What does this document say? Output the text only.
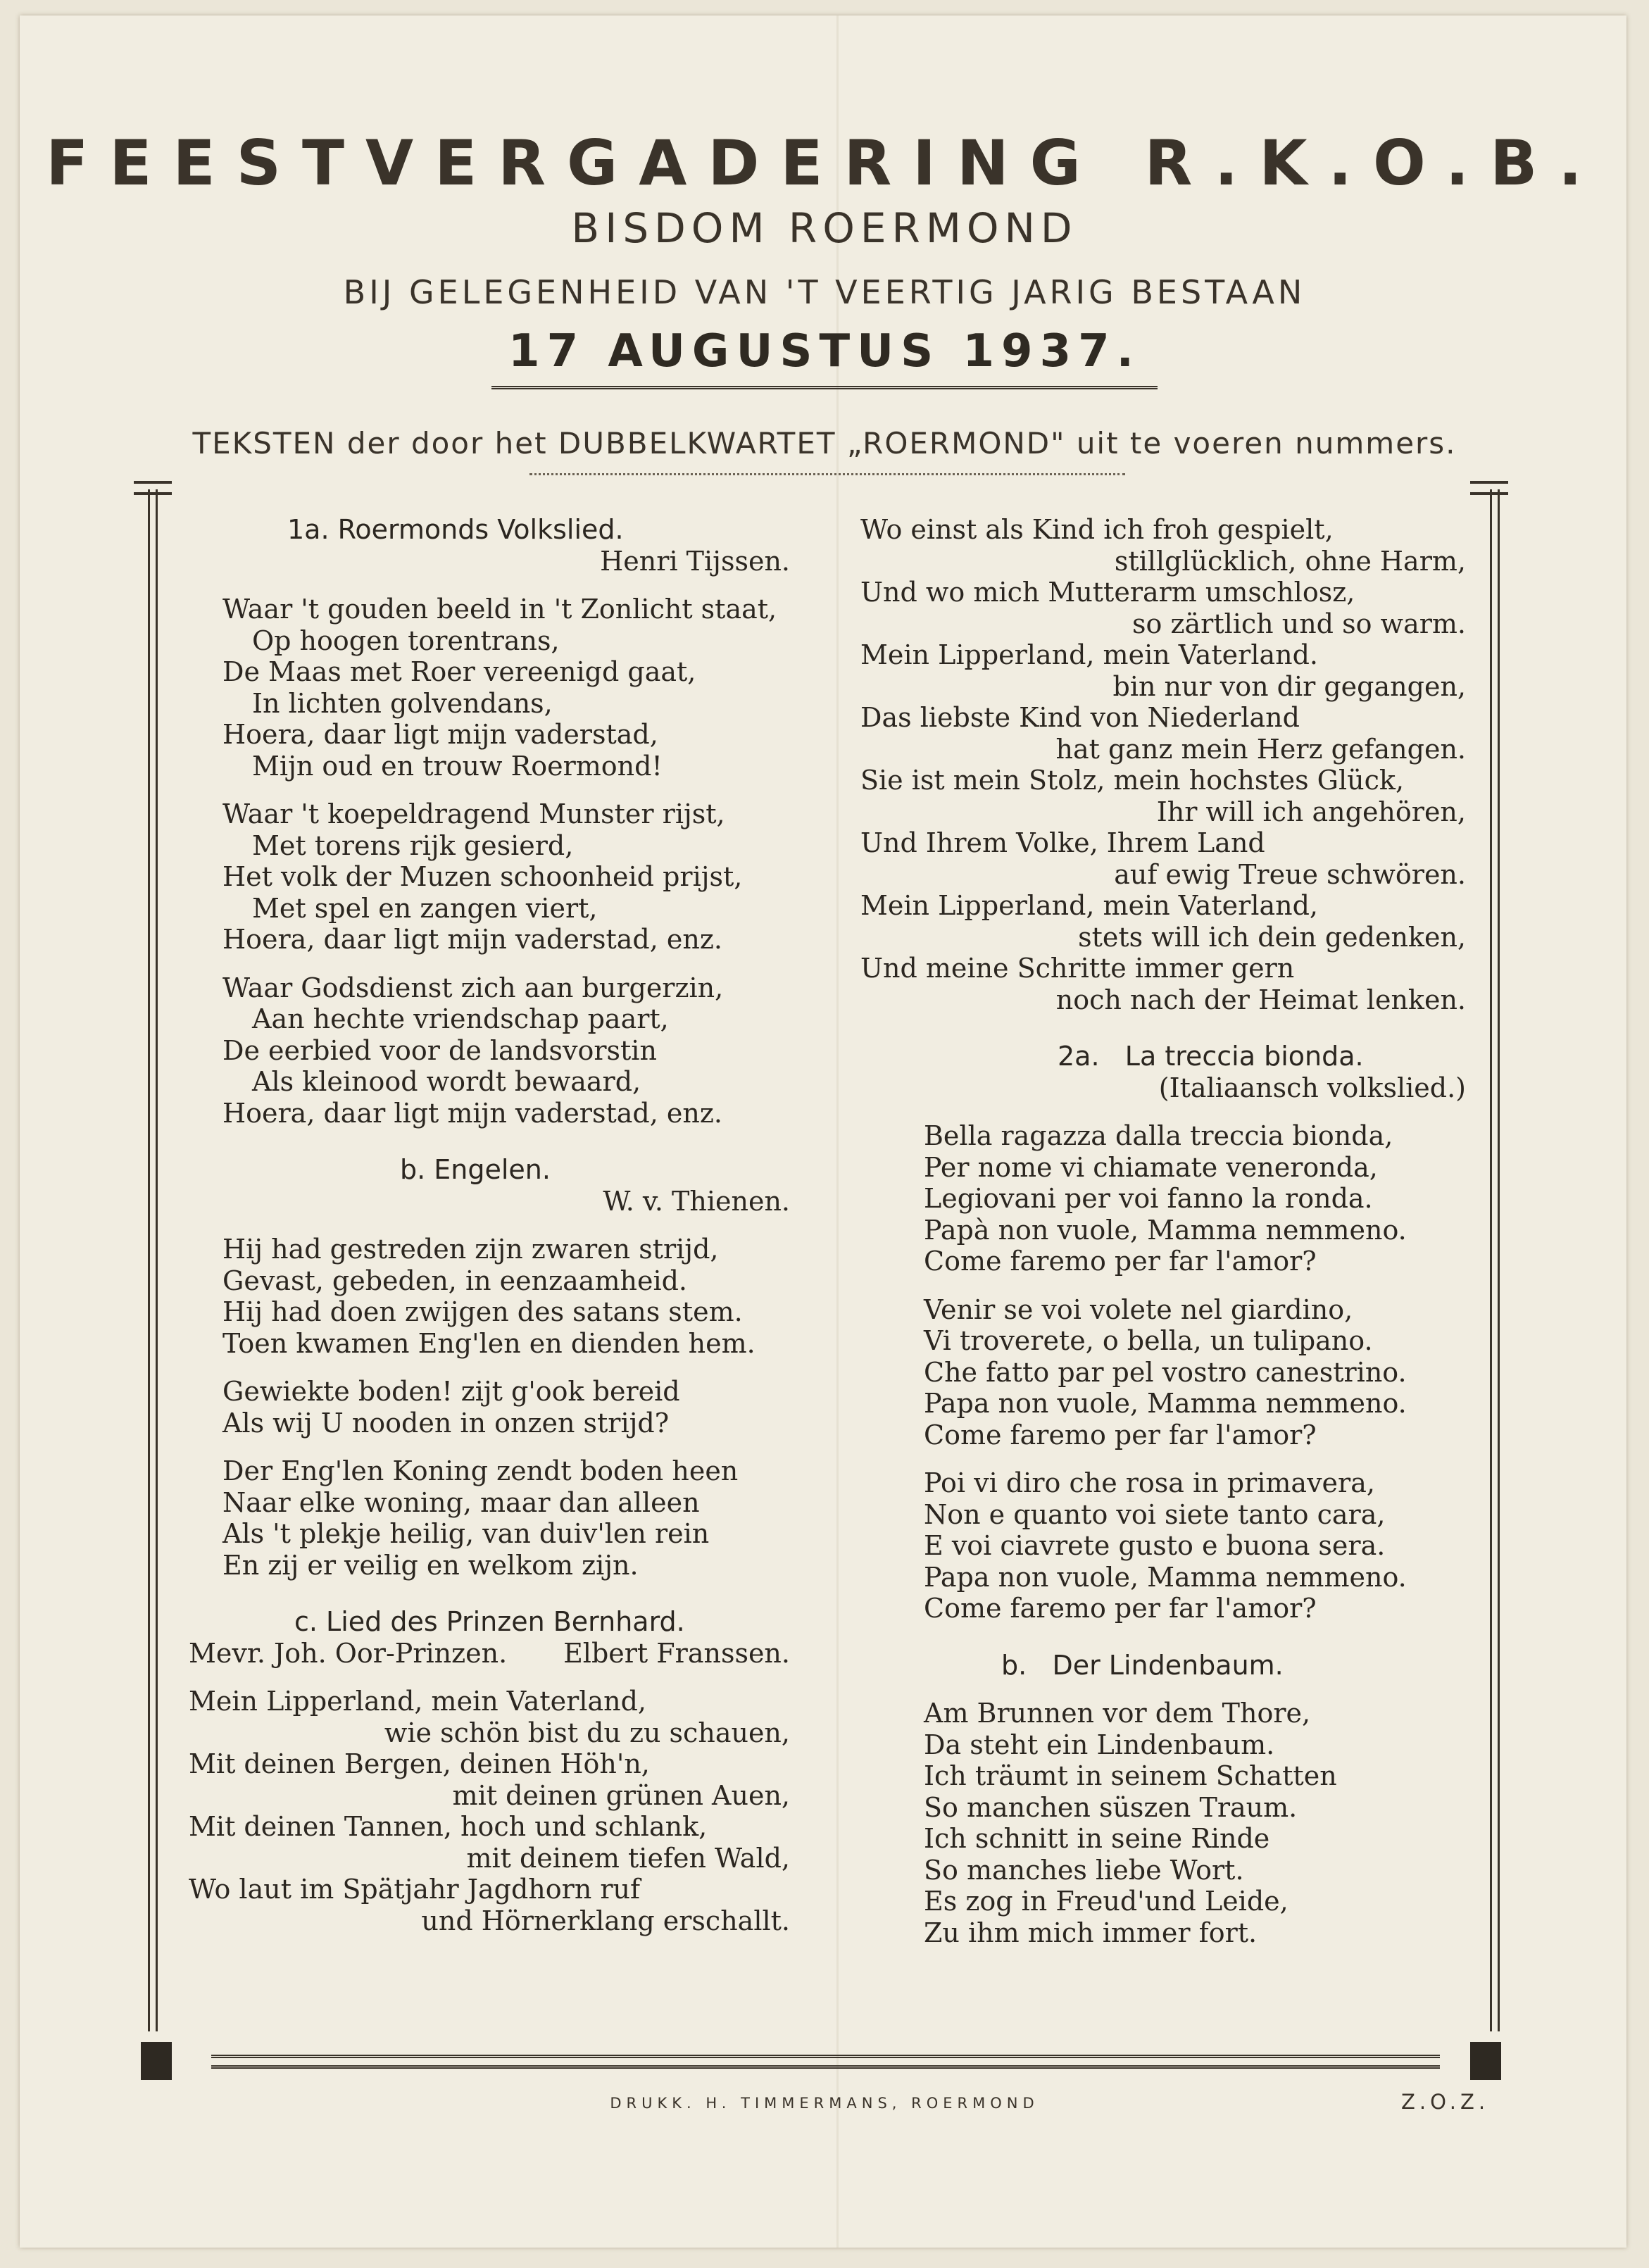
FEESTVERGADERING R.K.O.B.
BISDOM ROERMOND
BIJ GELEGENHEID VAN 'T VEERTIG JARIG BESTAAN
17 AUGUSTUS 1937.
TEKSTEN der door het DUBBELKWARTET „ROERMOND" uit te voeren nummers.
1a. Roermonds Volkslied.
Henri Tijssen.
Waar 't gouden beeld in 't Zonlicht staat,
Op hoogen torentrans,
De Maas met Roer vereenigd gaat,
In lichten golvendans,
Hoera, daar ligt mijn vaderstad,
Mijn oud en trouw Roermond!
Waar 't koepeldragend Munster rijst,
Met torens rijk gesierd,
Het volk der Muzen schoonheid prijst,
Met spel en zangen viert,
Hoera, daar ligt mijn vaderstad, enz.
Waar Godsdienst zich aan burgerzin,
Aan hechte vriendschap paart,
De eerbied voor de landsvorstin
Als kleinood wordt bewaard,
Hoera, daar ligt mijn vaderstad, enz.
b. Engelen.
W. v. Thienen.
Hij had gestreden zijn zwaren strijd,
Gevast, gebeden, in eenzaamheid.
Hij had doen zwijgen des satans stem.
Toen kwamen Eng'len en dienden hem.
Gewiekte boden! zijt g'ook bereid
Als wij U nooden in onzen strijd?
Der Eng'len Koning zendt boden heen
Naar elke woning, maar dan alleen
Als 't plekje heilig, van duiv'len rein
En zij er veilig en welkom zijn.
c. Lied des Prinzen Bernhard.
Mevr. Joh. Oor-Prinzen. Elbert Franssen.
Mein Lipperland, mein Vaterland,
wie schön bist du zu schauen,
Mit deinen Bergen, deinen Höh'n,
mit deinen grünen Auen,
Mit deinen Tannen, hoch und schlank,
mit deinem tiefen Wald,
Wo laut im Spätjahr Jagdhorn ruf
und Hörnerklang erschallt.
Wo einst als Kind ich froh gespielt,
stillglücklich, ohne Harm,
Und wo mich Mutterarm umschlosz,
so zärtlich und so warm.
Mein Lipperland, mein Vaterland.
bin nur von dir gegangen,
Das liebste Kind von Niederland
hat ganz mein Herz gefangen.
Sie ist mein Stolz, mein hochstes Glück,
Ihr will ich angehören,
Und Ihrem Volke, Ihrem Land
auf ewig Treue schwören.
Mein Lipperland, mein Vaterland,
stets will ich dein gedenken,
Und meine Schritte immer gern
noch nach der Heimat lenken.
2a.   La treccia bionda.
(Italiaansch volkslied.)
Bella ragazza dalla treccia bionda,
Per nome vi chiamate veneronda,
Legiovani per voi fanno la ronda.
Papà non vuole, Mamma nemmeno.
Come faremo per far l'amor?
Venir se voi volete nel giardino,
Vi troverete, o bella, un tulipano.
Che fatto par pel vostro canestrino.
Papa non vuole, Mamma nemmeno.
Come faremo per far l'amor?
Poi vi diro che rosa in primavera,
Non e quanto voi siete tanto cara,
E voi ciavrete gusto e buona sera.
Papa non vuole, Mamma nemmeno.
Come faremo per far l'amor?
b.   Der Lindenbaum.
Am Brunnen vor dem Thore,
Da steht ein Lindenbaum.
Ich träumt in seinem Schatten
So manchen süszen Traum.
Ich schnitt in seine Rinde
So manches liebe Wort.
Es zog in Freud'und Leide,
Zu ihm mich immer fort.
DRUKK. H. TIMMERMANS, ROERMOND	Z.O.Z.
